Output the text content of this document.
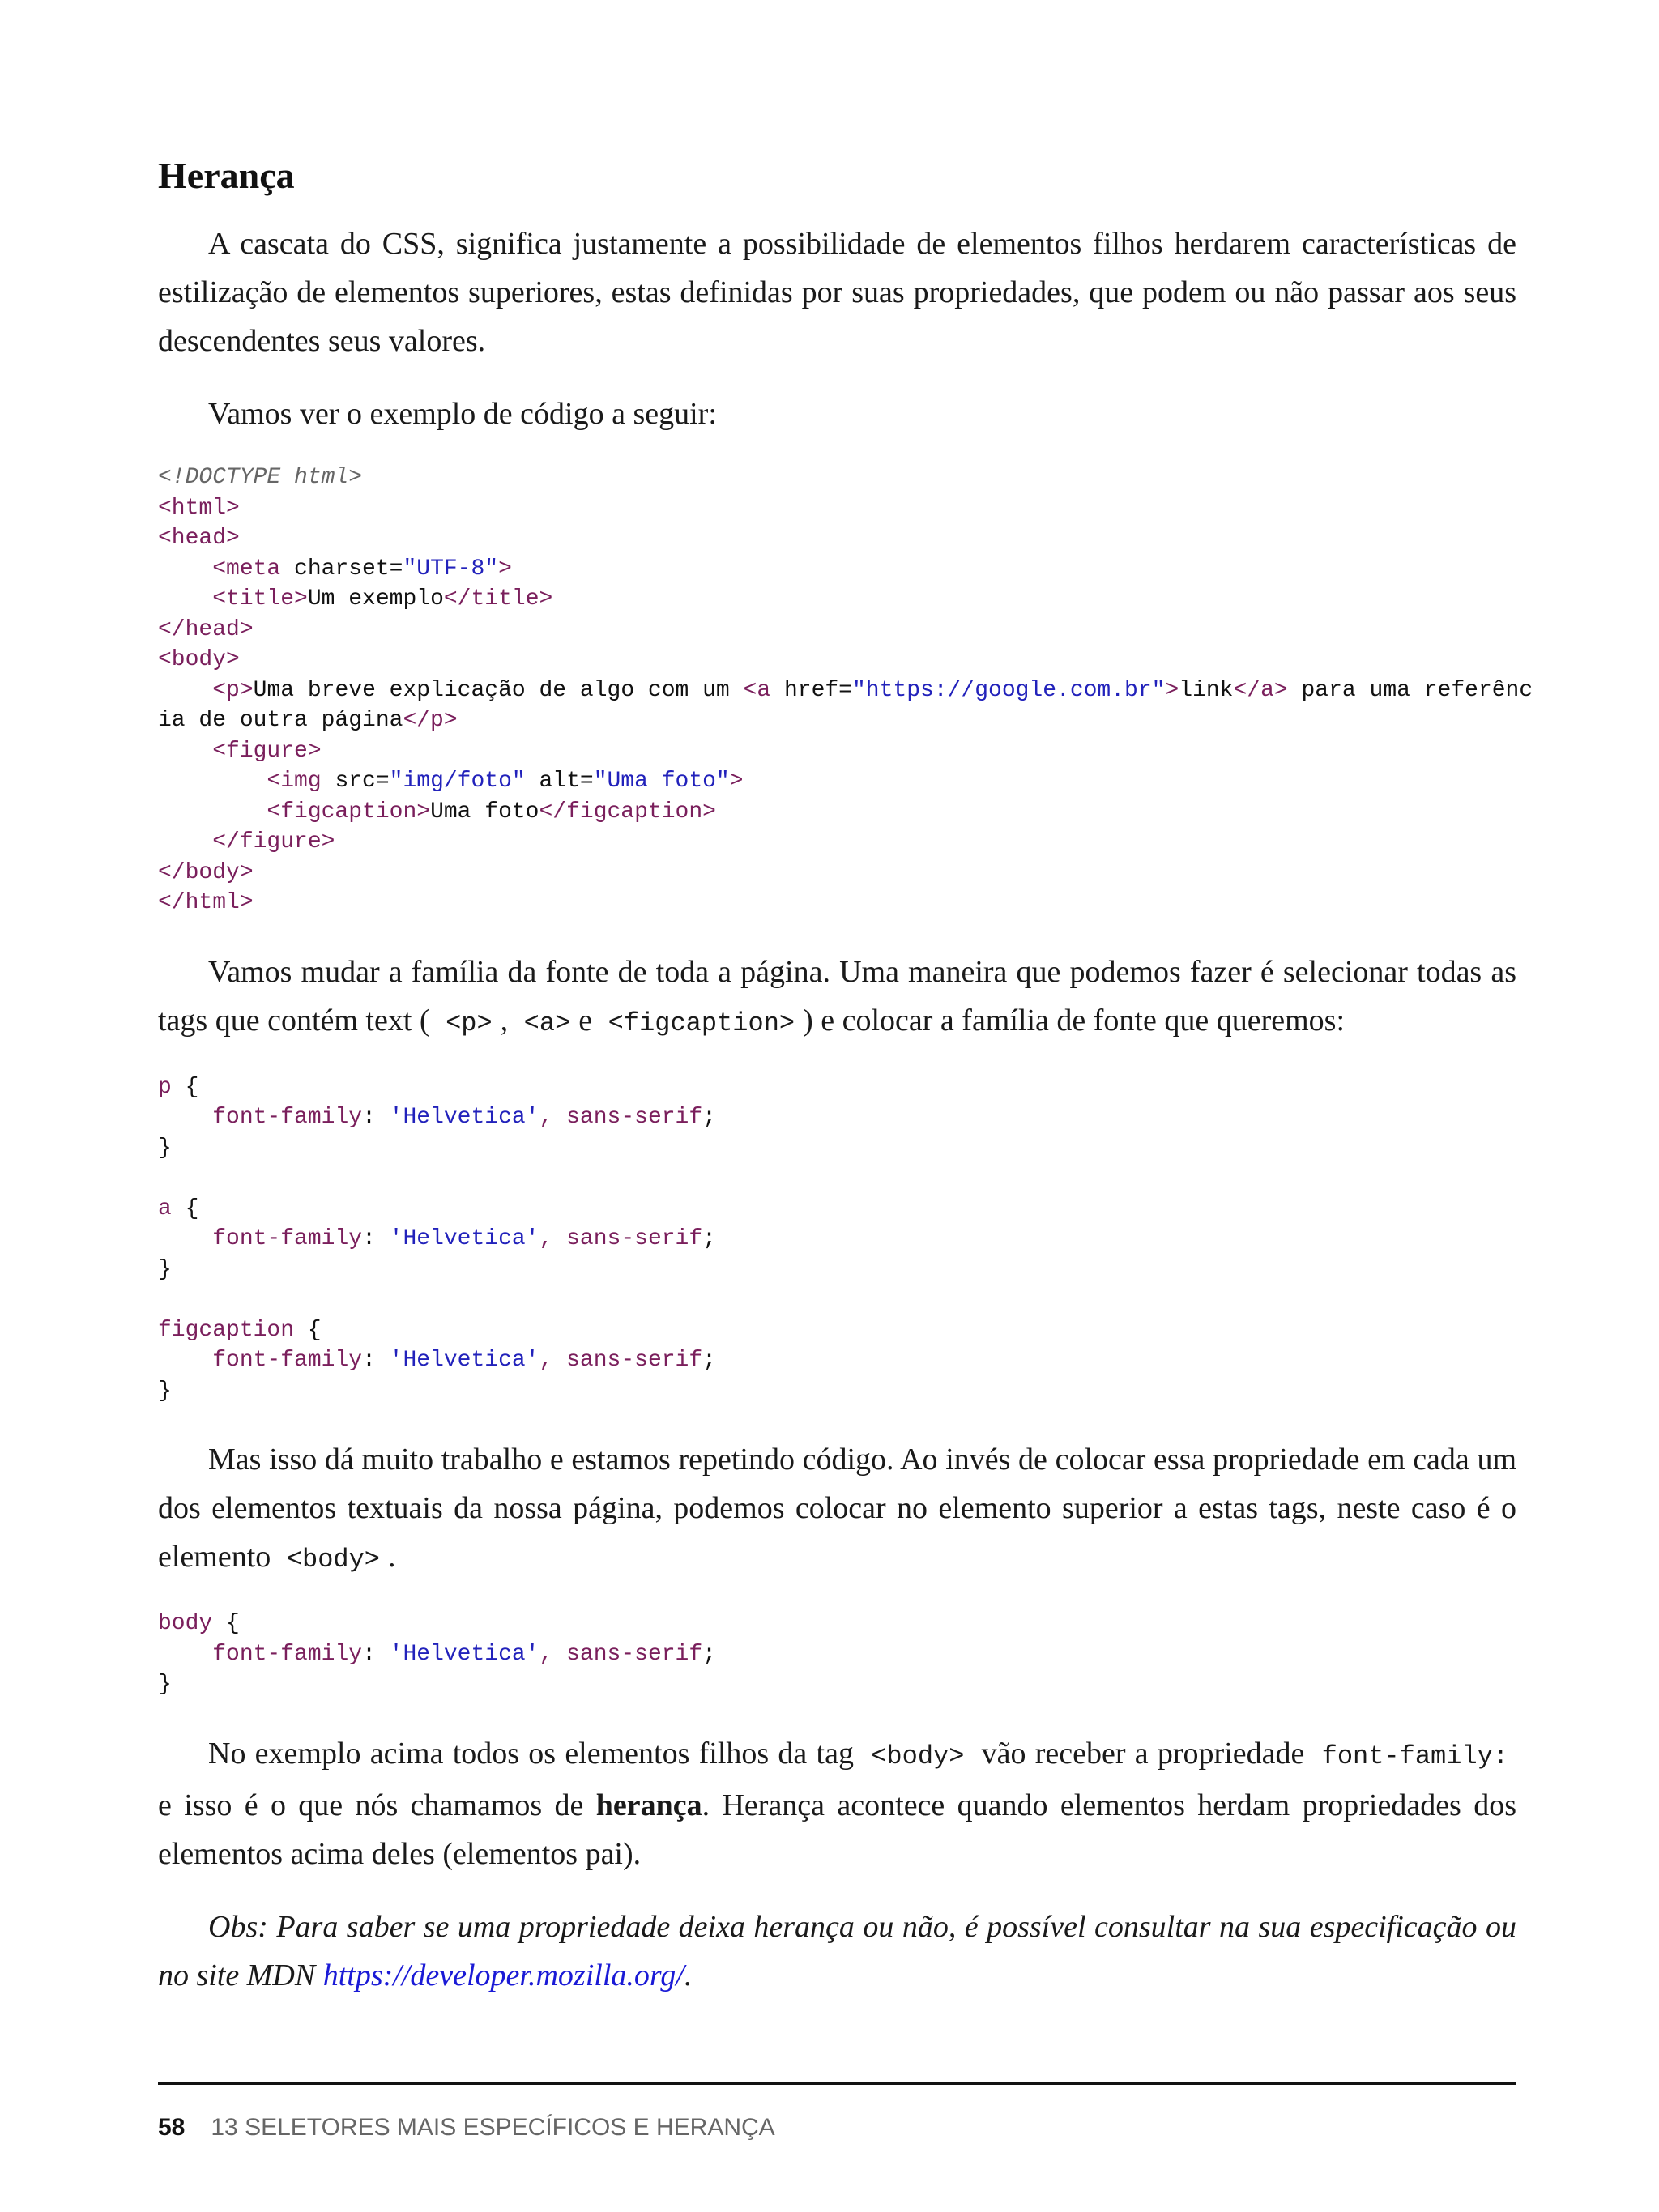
Herança

A cascata do CSS, significa justamente a possibilidade de elementos filhos herdarem características de estilização de elementos superiores, estas definidas por suas propriedades, que podem ou não passar aos seus descendentes seus valores.

Vamos ver o exemplo de código a seguir:

<!DOCTYPE html>
<html>
<head>
<meta charset="UTF-8">
<title>Um exemplo</title>
</head>
<body>
<p>Uma breve explicação de algo com um <a href="https://google.com.br">link</a> para uma referênc
ia de outra página</p>
<figure>
<img src="img/foto" alt="Uma foto">
<figcaption>Uma foto</figcaption>
</figure>
</body>
</html>

Vamos mudar a família da fonte de toda a página. Uma maneira que podemos fazer é selecionar todas as tags que contém text ( <p> , <a> e <figcaption> ) e colocar a família de fonte que queremos:

p {
font-family: 'Helvetica', sans-serif;
}

a {
font-family: 'Helvetica', sans-serif;
}

figcaption {
font-family: 'Helvetica', sans-serif;
}

Mas isso dá muito trabalho e estamos repetindo código. Ao invés de colocar essa propriedade em cada um dos elementos textuais da nossa página, podemos colocar no elemento superior a estas tags, neste caso é o elemento <body> .

body {
font-family: 'Helvetica', sans-serif;
}

No exemplo acima todos os elementos filhos da tag <body> vão receber a propriedade font-family: e isso é o que nós chamamos de herança. Herança acontece quando elementos herdam propriedades dos elementos acima deles (elementos pai).

Obs: Para saber se uma propriedade deixa herança ou não, é possível consultar na sua especificação ou no site MDN https://developer.mozilla.org/.

58 13 SELETORES MAIS ESPECÍFICOS E HERANÇA
